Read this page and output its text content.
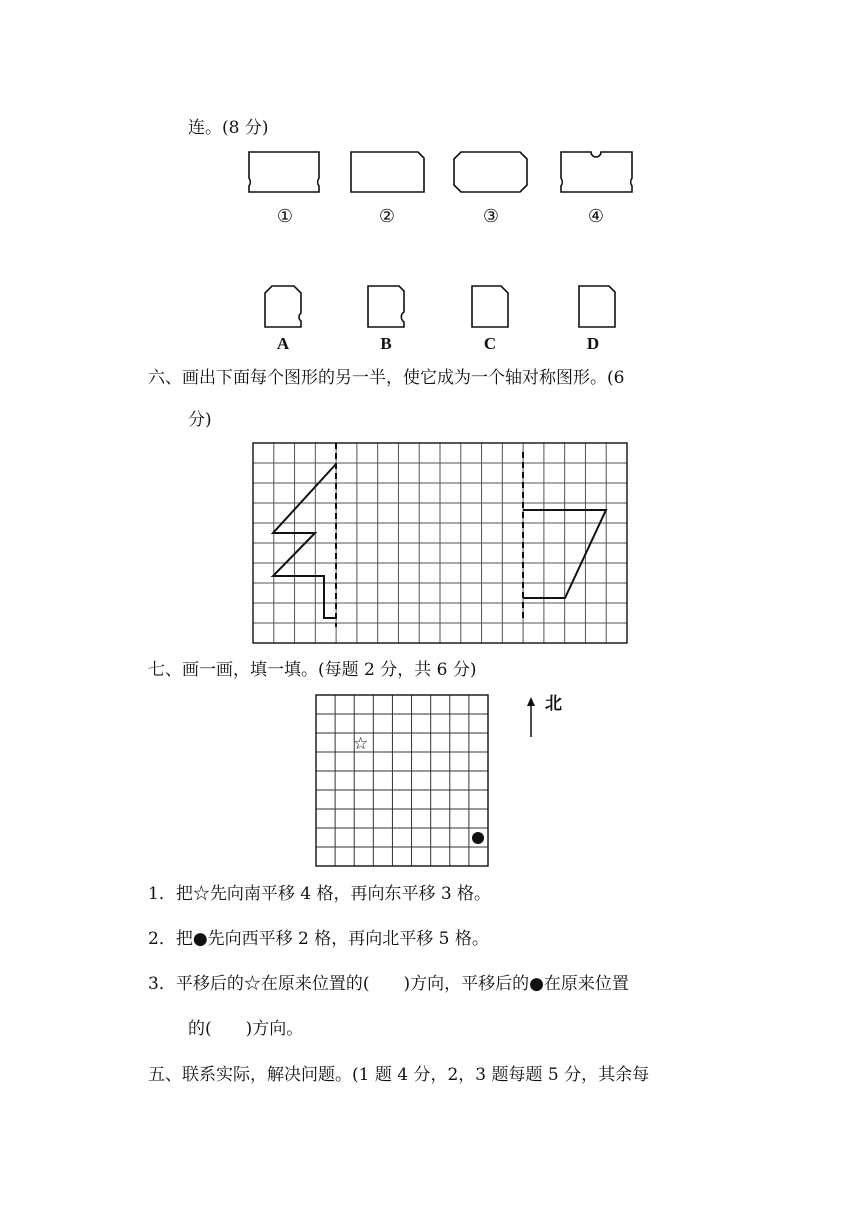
连。(8 分)
①	②	③	④
A	B	C	D
六、画出下面每个图形的另一半，使它成为一个轴对称图形。(6
分)
七、画一画，填一填。(每题 2 分，共 6 分)
北
☆
1．把☆先向南平移 4 格，再向东平移 3 格。
2．把●先向西平移 2 格，再向北平移 5 格。
3．平移后的☆在原来位置的(　　)方向，平移后的●在原来位置
的(　　)方向。
五、联系实际，解决问题。(1 题 4 分，2，3 题每题 5 分，其余每
